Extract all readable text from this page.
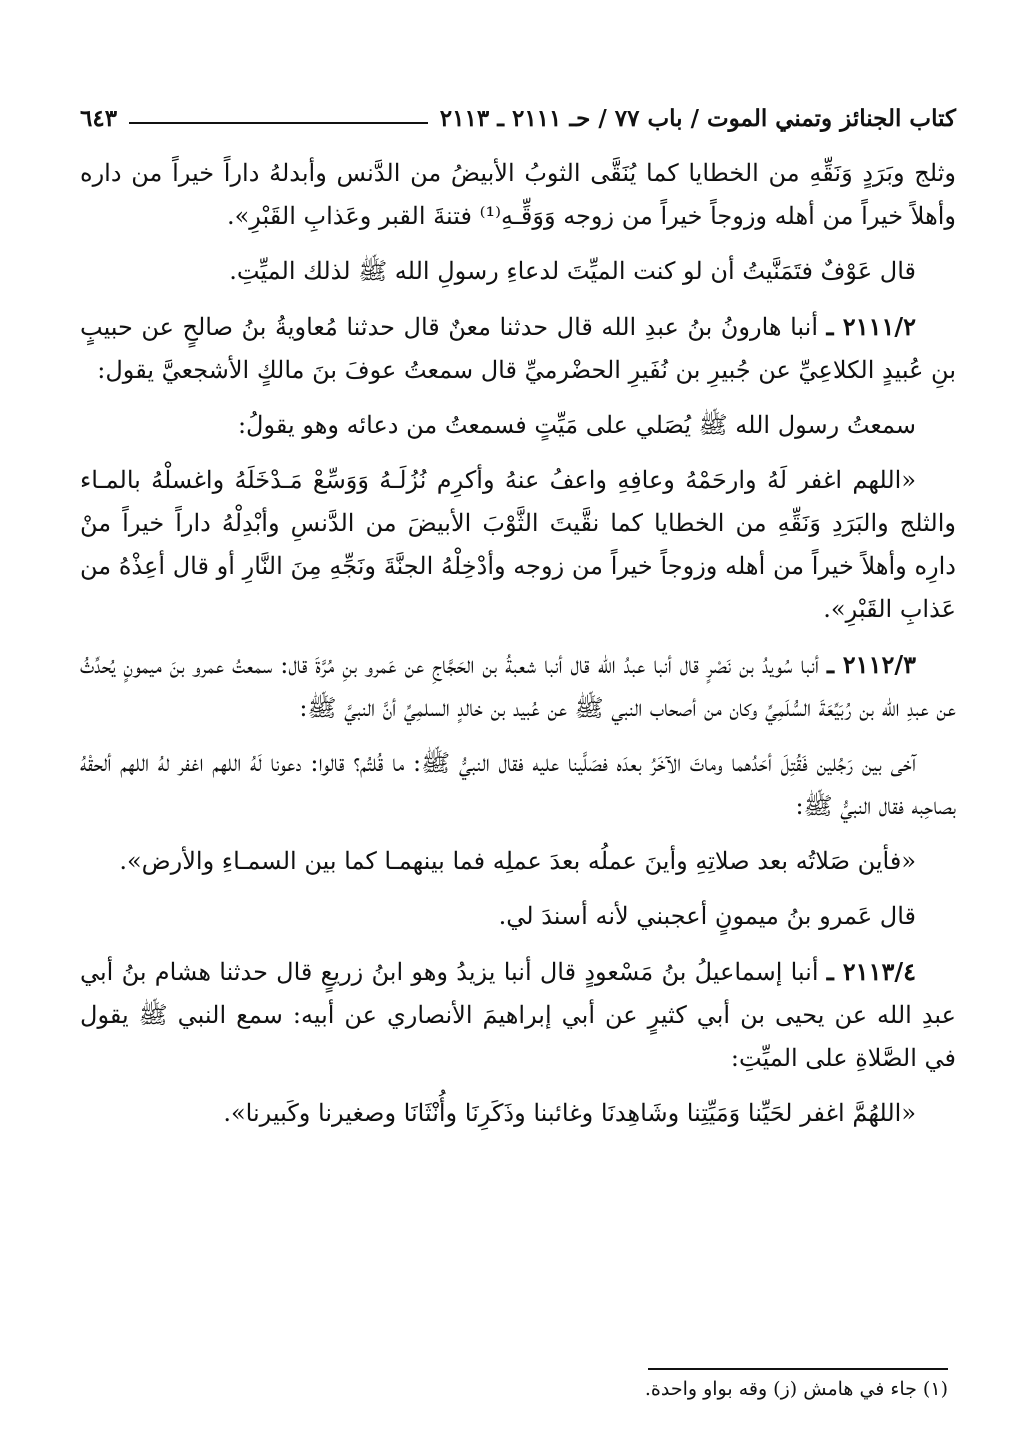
كتاب الجنائز وتمني الموت / باب ٧٧ / حـ ٢١١١ ـ ٢١١٣
٦٤٣

وثلج وبَرَدٍ وَنَقِّهِ من الخطايا كما يُنَقَّى الثوبُ الأبيضُ من الدَّنس وأبدلهُ داراً خيراً من داره وأهلاً خيراً من أهله وزوجاً خيراً من زوجه وَوَقِّـهِ⁽¹⁾ فتنةَ القبر وعَذابِ القَبْرِ».

قال عَوْفٌ فتَمَنَّيتُ أن لو كنت الميِّتَ لدعاءِ رسولِ الله ﷺ لذلك الميِّتِ.

٢١١١/٢ ـ أنبا هارونُ بنُ عبدِ الله قال حدثنا معنٌ قال حدثنا مُعاويةُ بنُ صالحٍ عن حبيبٍ بنِ عُبيدٍ الكلاعِيِّ عن جُبيرِ بن نُفَيرِ الحضْرميِّ قال سمعتُ عوفَ بنَ مالكٍ الأشجعيَّ يقول:

سمعتُ رسول الله ﷺ يُصَلي على مَيِّتٍ فسمعتُ من دعائه وهو يقولُ:

«اللهم اغفر لَهُ وارحَمْهُ وعافِهِ واعفُ عنهُ وأكرِم نُزُلَـهُ وَوَسِّعْ مَـدْخَلَهُ واغسلْهُ بالمـاء والثلج والبَرَدِ وَنَقِّهِ من الخطايا كما نقَّيتَ الثَّوْبَ الأبيضَ من الدَّنسِ وأبْدِلْهُ داراً خيراً منْ دارِه وأهلاً خيراً من أهله وزوجاً خيراً من زوجه وأدْخِلْهُ الجنَّةَ ونَجِّهِ مِنَ النَّارِ أو قال أعِذْهُ من عَذابِ القَبْرِ».

٢١١٢/٣ ـ أنبا سُويدُ بن نَصْرٍ قال أنبا عبدُ الله قال أنبا شعبةُ بن الحَجَّاجِ عن عَمرو بنِ مُرَّةَ قال: سمعتُ عمرو بنَ ميمونٍ يُحدِّثُ عن عبدِ الله بن رُبَيِّعَةَ السُّلَمِيِّ وكان من أصحاب النبي ﷺ عن عُبيد بن خالدٍ السلمِيِّ أنَّ النبيَّ ﷺ:

آخى بين رَجُلين فَقُتِلَ أحَدُهما وماتَ الآخَرُ بعدَه فصَلَّينا عليه فقال النبيُّ ﷺ: ما قُلتُم؟ قالوا: دعونا لَهُ اللهم اغفر لهُ اللهم ألحقْهُ بصاحِبه فقال النبيُّ ﷺ:

«فأين صَلاتُه بعد صلاتِهِ وأينَ عملُه بعدَ عملِه فما بينهمـا كما بين السمـاءِ والأرض».

قال عَمرو بنُ ميمونٍ أعجبني لأنه أسندَ لي.

٢١١٣/٤ ـ أنبا إسماعيلُ بنُ مَسْعودٍ قال أنبا يزيدُ وهو ابنُ زريعٍ قال حدثنا هشام بنُ أبي عبدِ الله عن يحيى بن أبي كثيرٍ عن أبي إبراهيمَ الأنصاري عن أبيه: سمع النبي ﷺ يقول في الصَّلاةِ على الميِّتِ:

«اللهُمَّ اغفر لحَيِّنا وَمَيِّتِنا وشَاهِدنَا وغائبنا وذَكَرِنَا وأُنْثَانَا وصغيرنا وكَبيرنا».

(١) جاء في هامش (ز) وقه بواو واحدة.
